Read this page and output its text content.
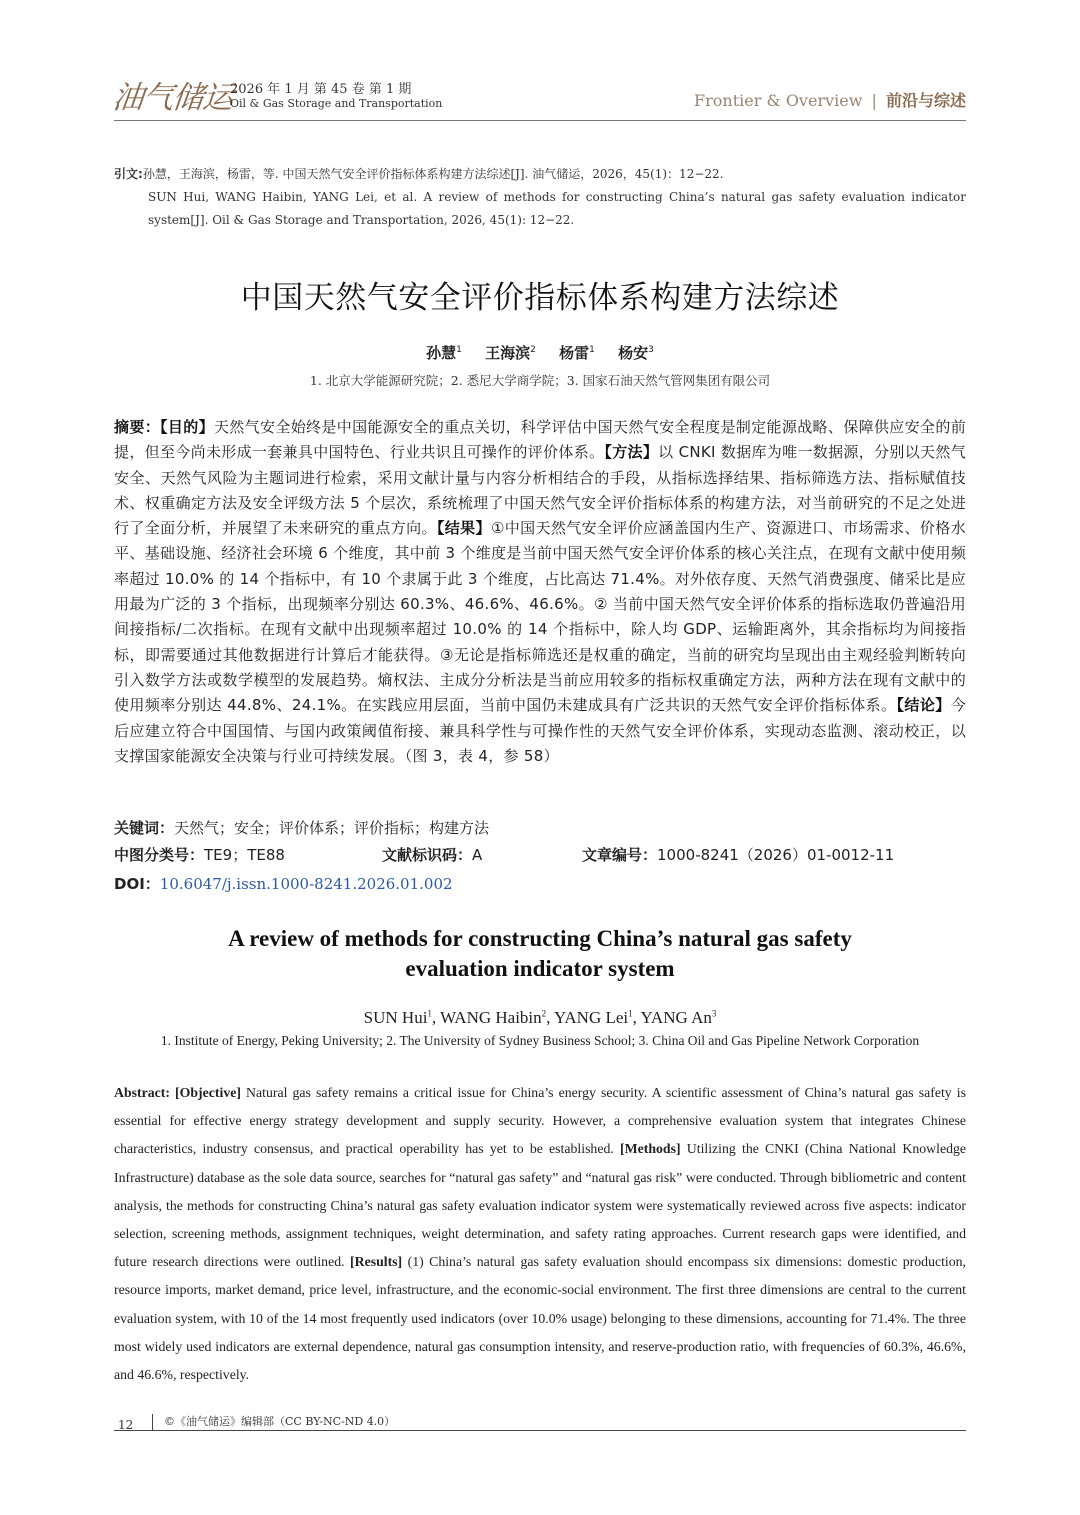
油气储运
2026 年 1 月 第 45 卷 第 1 期
Oil & Gas Storage and Transportation	Frontier & Overview | 前沿与综述
引文:孙慧，王海滨，杨雷，等. 中国天然气安全评价指标体系构建方法综述[J]. 油气储运，2026，45(1)：12−22.
SUN Hui, WANG Haibin, YANG Lei, et al. A review of methods for constructing China’s natural gas safety evaluation indicator system[J]. Oil & Gas Storage and Transportation, 2026, 45(1): 12−22.
中国天然气安全评价指标体系构建方法综述
孙慧$^1$ 王海滨$^2$ 杨雷$^1$ 杨安$^3$
1. 北京大学能源研究院；2. 悉尼大学商学院；3. 国家石油天然气管网集团有限公司
摘要：【目的】天然气安全始终是中国能源安全的重点关切，科学评估中国天然气安全程度是制定能源战略、保障供应安全的前提，但至今尚未形成一套兼具中国特色、行业共识且可操作的评价体系。【方法】以 CNKI 数据库为唯一数据源，分别以天然气安全、天然气风险为主题词进行检索，采用文献计量与内容分析相结合的手段，从指标选择结果、指标筛选方法、指标赋值技术、权重确定方法及安全评级方法 5 个层次，系统梳理了中国天然气安全评价指标体系的构建方法，对当前研究的不足之处进行了全面分析，并展望了未来研究的重点方向。【结果】①中国天然气安全评价应涵盖国内生产、资源进口、市场需求、价格水平、基础设施、经济社会环境 6 个维度，其中前 3 个维度是当前中国天然气安全评价体系的核心关注点，在现有文献中使用频率超过 10.0% 的 14 个指标中，有 10 个隶属于此 3 个维度，占比高达 71.4%。对外依存度、天然气消费强度、储采比是应用最为广泛的 3 个指标，出现频率分别达 60.3%、46.6%、46.6%。② 当前中国天然气安全评价体系的指标选取仍普遍沿用间接指标/二次指标。在现有文献中出现频率超过 10.0% 的 14 个指标中，除人均 GDP、运输距离外，其余指标均为间接指标，即需要通过其他数据进行计算后才能获得。③无论是指标筛选还是权重的确定，当前的研究均呈现出由主观经验判断转向引入数学方法或数学模型的发展趋势。熵权法、主成分分析法是当前应用较多的指标权重确定方法，两种方法在现有文献中的使用频率分别达 44.8%、24.1%。在实践应用层面，当前中国仍未建成具有广泛共识的天然气安全评价指标体系。【结论】今后应建立符合中国国情、与国内政策阈值衔接、兼具科学性与可操作性的天然气安全评价体系，实现动态监测、滚动校正，以支撑国家能源安全决策与行业可持续发展。（图 3，表 4，参 58）
关键词：天然气；安全；评价体系；评价指标；构建方法
中图分类号：TE9；TE88	文献标识码：A	文章编号：1000-8241（2026）01-0012-11
DOI：10.6047/j.issn.1000-8241.2026.01.002
A review of methods for constructing China’s natural gas safety
evaluation indicator system
SUN Hui$^1$, WANG Haibin$^2$, YANG Lei$^1$, YANG An$^3$
1. Institute of Energy, Peking University; 2. The University of Sydney Business School; 3. China Oil and Gas Pipeline Network Corporation
Abstract: [Objective] Natural gas safety remains a critical issue for China’s energy security. A scientific assessment of China’s natural gas safety is essential for effective energy strategy development and supply security. However, a comprehensive evaluation system that integrates Chinese characteristics, industry consensus, and practical operability has yet to be established. [Methods] Utilizing the CNKI (China National Knowledge Infrastructure) database as the sole data source, searches for “natural gas safety” and “natural gas risk” were conducted. Through bibliometric and content analysis, the methods for constructing China’s natural gas safety evaluation indicator system were systematically reviewed across five aspects: indicator selection, screening methods, assignment techniques, weight determination, and safety rating approaches. Current research gaps were identified, and future research directions were outlined. [Results] (1) China’s natural gas safety evaluation should encompass six dimensions: domestic production, resource imports, market demand, price level, infrastructure, and the economic-social environment. The first three dimensions are central to the current evaluation system, with 10 of the 14 most frequently used indicators (over 10.0% usage) belonging to these dimensions, accounting for 71.4%. The three most widely used indicators are external dependence, natural gas consumption intensity, and reserve-production ratio, with frequencies of 60.3%, 46.6%, and 46.6%, respectively.
12	©《油气储运》编辑部（CC BY-NC-ND 4.0）
